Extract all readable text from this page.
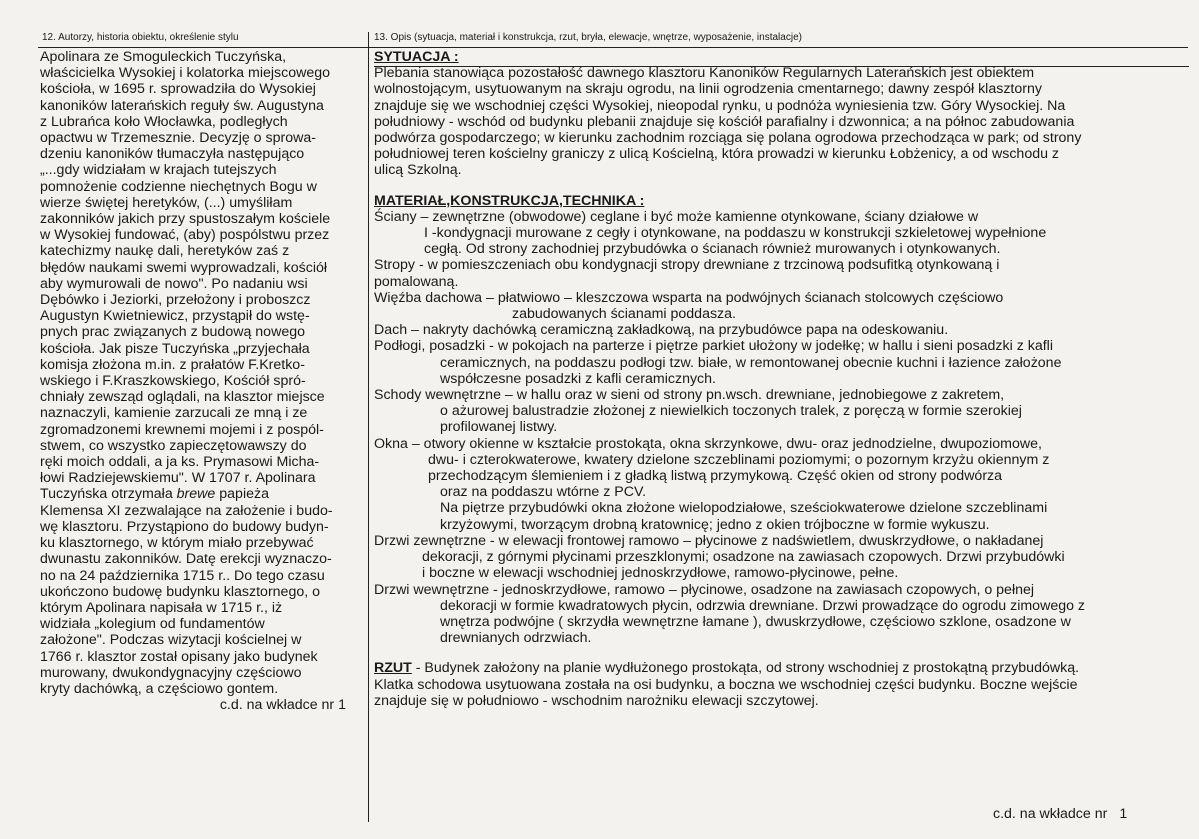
12. Autorzy, historia obiektu, określenie stylu	13. Opis (sytuacja, materiał i konstrukcja, rzut, bryła, elewacje, wnętrze, wyposażenie, instalacje)
Apolinara ze Smoguleckich Tuczyńska,
właścicielka Wysokiej i kolatorka miejscowego
kościoła, w 1695 r. sprowadziła do Wysokiej
kanoników laterańskich reguły św. Augustyna
z Lubrańca koło Włocławka, podległych
opactwu w Trzemesznie. Decyzję o sprowa-
dzeniu kanoników tłumaczyła następująco
„...gdy widziałam w krajach tutejszych
pomnożenie codzienne niechętnych Bogu w
wierze świętej heretyków, (...) umyśliłam
zakonników jakich przy spustoszałym kościele
w Wysokiej fundować, (aby) pospólstwu przez
katechizmy naukę dali, heretyków zaś z
błędów naukami swemi wyprowadzali, kościół
aby wymurowali de nowo". Po nadaniu wsi
Dębówko i Jeziorki, przełożony i proboszcz
Augustyn Kwietniewicz, przystąpił do wstę-
pnych prac związanych z budową nowego
kościoła. Jak pisze Tuczyńska „przyjechała
komisja złożona m.in. z prałatów F.Kretko-
wskiego i F.Kraszkowskiego, Kościół spró-
chniały zewsząd oglądali, na klasztor miejsce
naznaczyli, kamienie zarzucali ze mną i ze
zgromadzonemi krewnemi mojemi i z pospól-
stwem, co wszystko zapieczętowawszy do
ręki moich oddali, a ja ks. Prymasowi Micha-
łowi Radziejewskiemu". W 1707 r. Apolinara
Tuczyńska otrzymała brewe papieża
Klemensa XI zezwalające na założenie i budo-
wę klasztoru. Przystąpiono do budowy budyn-
ku klasztornego, w którym miało przebywać
dwunastu zakonników. Datę erekcji wyznaczo-
no na 24 października 1715 r.. Do tego czasu
ukończono budowę budynku klasztornego, o
którym Apolinara napisała w 1715 r., iż
widziała „kolegium od fundamentów
założone". Podczas wizytacji kościelnej w
1766 r. klasztor został opisany jako budynek
murowany, dwukondygnacyjny częściowo
kryty dachówką, a częściowo gontem.
c.d. na wkładce nr 1
SYTUACJA :
Plebania stanowiąca pozostałość dawnego klasztoru Kanoników Regularnych Laterańskich jest obiektem
wolnostojącym, usytuowanym na skraju ogrodu, na linii ogrodzenia cmentarnego; dawny zespół klasztorny
znajduje się we wschodniej części Wysokiej, nieopodal rynku, u podnóża wyniesienia tzw. Góry Wysockiej. Na
południowy - wschód od budynku plebanii znajduje się kościół parafialny i dzwonnica; a na północ zabudowania
podwórza gospodarczego; w kierunku zachodnim rozciąga się polana ogrodowa przechodząca w park; od strony
południowej teren kościelny graniczy z ulicą Kościelną, która prowadzi w kierunku Łobżenicy, a od wschodu z
ulicą Szkolną.
MATERIAŁ,KONSTRUKCJA,TECHNIKA :
Ściany – zewnętrzne (obwodowe) ceglane i być może kamienne otynkowane, ściany działowe w
I -kondygnacji murowane z cegły i otynkowane, na poddaszu w konstrukcji szkieletowej wypełnione
cegłą. Od strony zachodniej przybudówka o ścianach również murowanych i otynkowanych.
Stropy - w pomieszczeniach obu kondygnacji stropy drewniane z trzcinową podsufitką otynkowaną i
pomalowaną.
Więźba dachowa – płatwiowo – kleszczowa wsparta na podwójnych ścianach stolcowych częściowo
zabudowanych ścianami poddasza.
Dach – nakryty dachówką ceramiczną zakładkową, na przybudówce papa na odeskowaniu.
Podłogi, posadzki - w pokojach na parterze i piętrze parkiet ułożony w jodełkę; w hallu i sieni posadzki z kafli
ceramicznych, na poddaszu podłogi tzw. białe, w remontowanej obecnie kuchni i łazience założone
współczesne posadzki z kafli ceramicznych.
Schody wewnętrzne – w hallu oraz w sieni od strony pn.wsch. drewniane, jednobiegowe z zakretem,
o ażurowej balustradzie złożonej z niewielkich toczonych tralek, z poręczą w formie szerokiej
profilowanej listwy.
Okna – otwory okienne w kształcie prostokąta, okna skrzynkowe, dwu- oraz jednodzielne, dwupoziomowe,
dwu- i czterokwaterowe, kwatery dzielone szczeblinami poziomymi; o pozornym krzyżu okiennym z
przechodzącym ślemieniem i z gładką listwą przymykową. Część okien od strony podwórza
oraz na poddaszu wtórne z PCV.
Na piętrze przybudówki okna złożone wielopodziałowe, sześciokwaterowe dzielone szczeblinami
krzyżowymi, tworzącym drobną kratownicę; jedno z okien trójboczne w formie wykuszu.
Drzwi zewnętrzne - w elewacji frontowej ramowo – płycinowe z nadświetlem, dwuskrzydłowe, o nakładanej
dekoracji, z górnymi płycinami przeszklonymi; osadzone na zawiasach czopowych. Drzwi przybudówki
i boczne w elewacji wschodniej jednoskrzydłowe, ramowo-płycinowe, pełne.
Drzwi wewnętrzne - jednoskrzydłowe, ramowo – płycinowe, osadzone na zawiasach czopowych, o pełnej
dekoracji w formie kwadratowych płycin, odrzwia drewniane. Drzwi prowadzące do ogrodu zimowego z
wnętrza podwójne ( skrzydła wewnętrzne łamane ), dwuskrzydłowe, częściowo szklone, osadzone w
drewnianych odrzwiach.
RZUT - Budynek założony na planie wydłużonego prostokąta, od strony wschodniej z prostokątną przybudówką.
Klatka schodowa usytuowana została na osi budynku, a boczna we wschodniej części budynku. Boczne wejście
znajduje się w południowo - wschodnim narożniku elewacji szczytowej.
c.d. na wkładce nr 1
